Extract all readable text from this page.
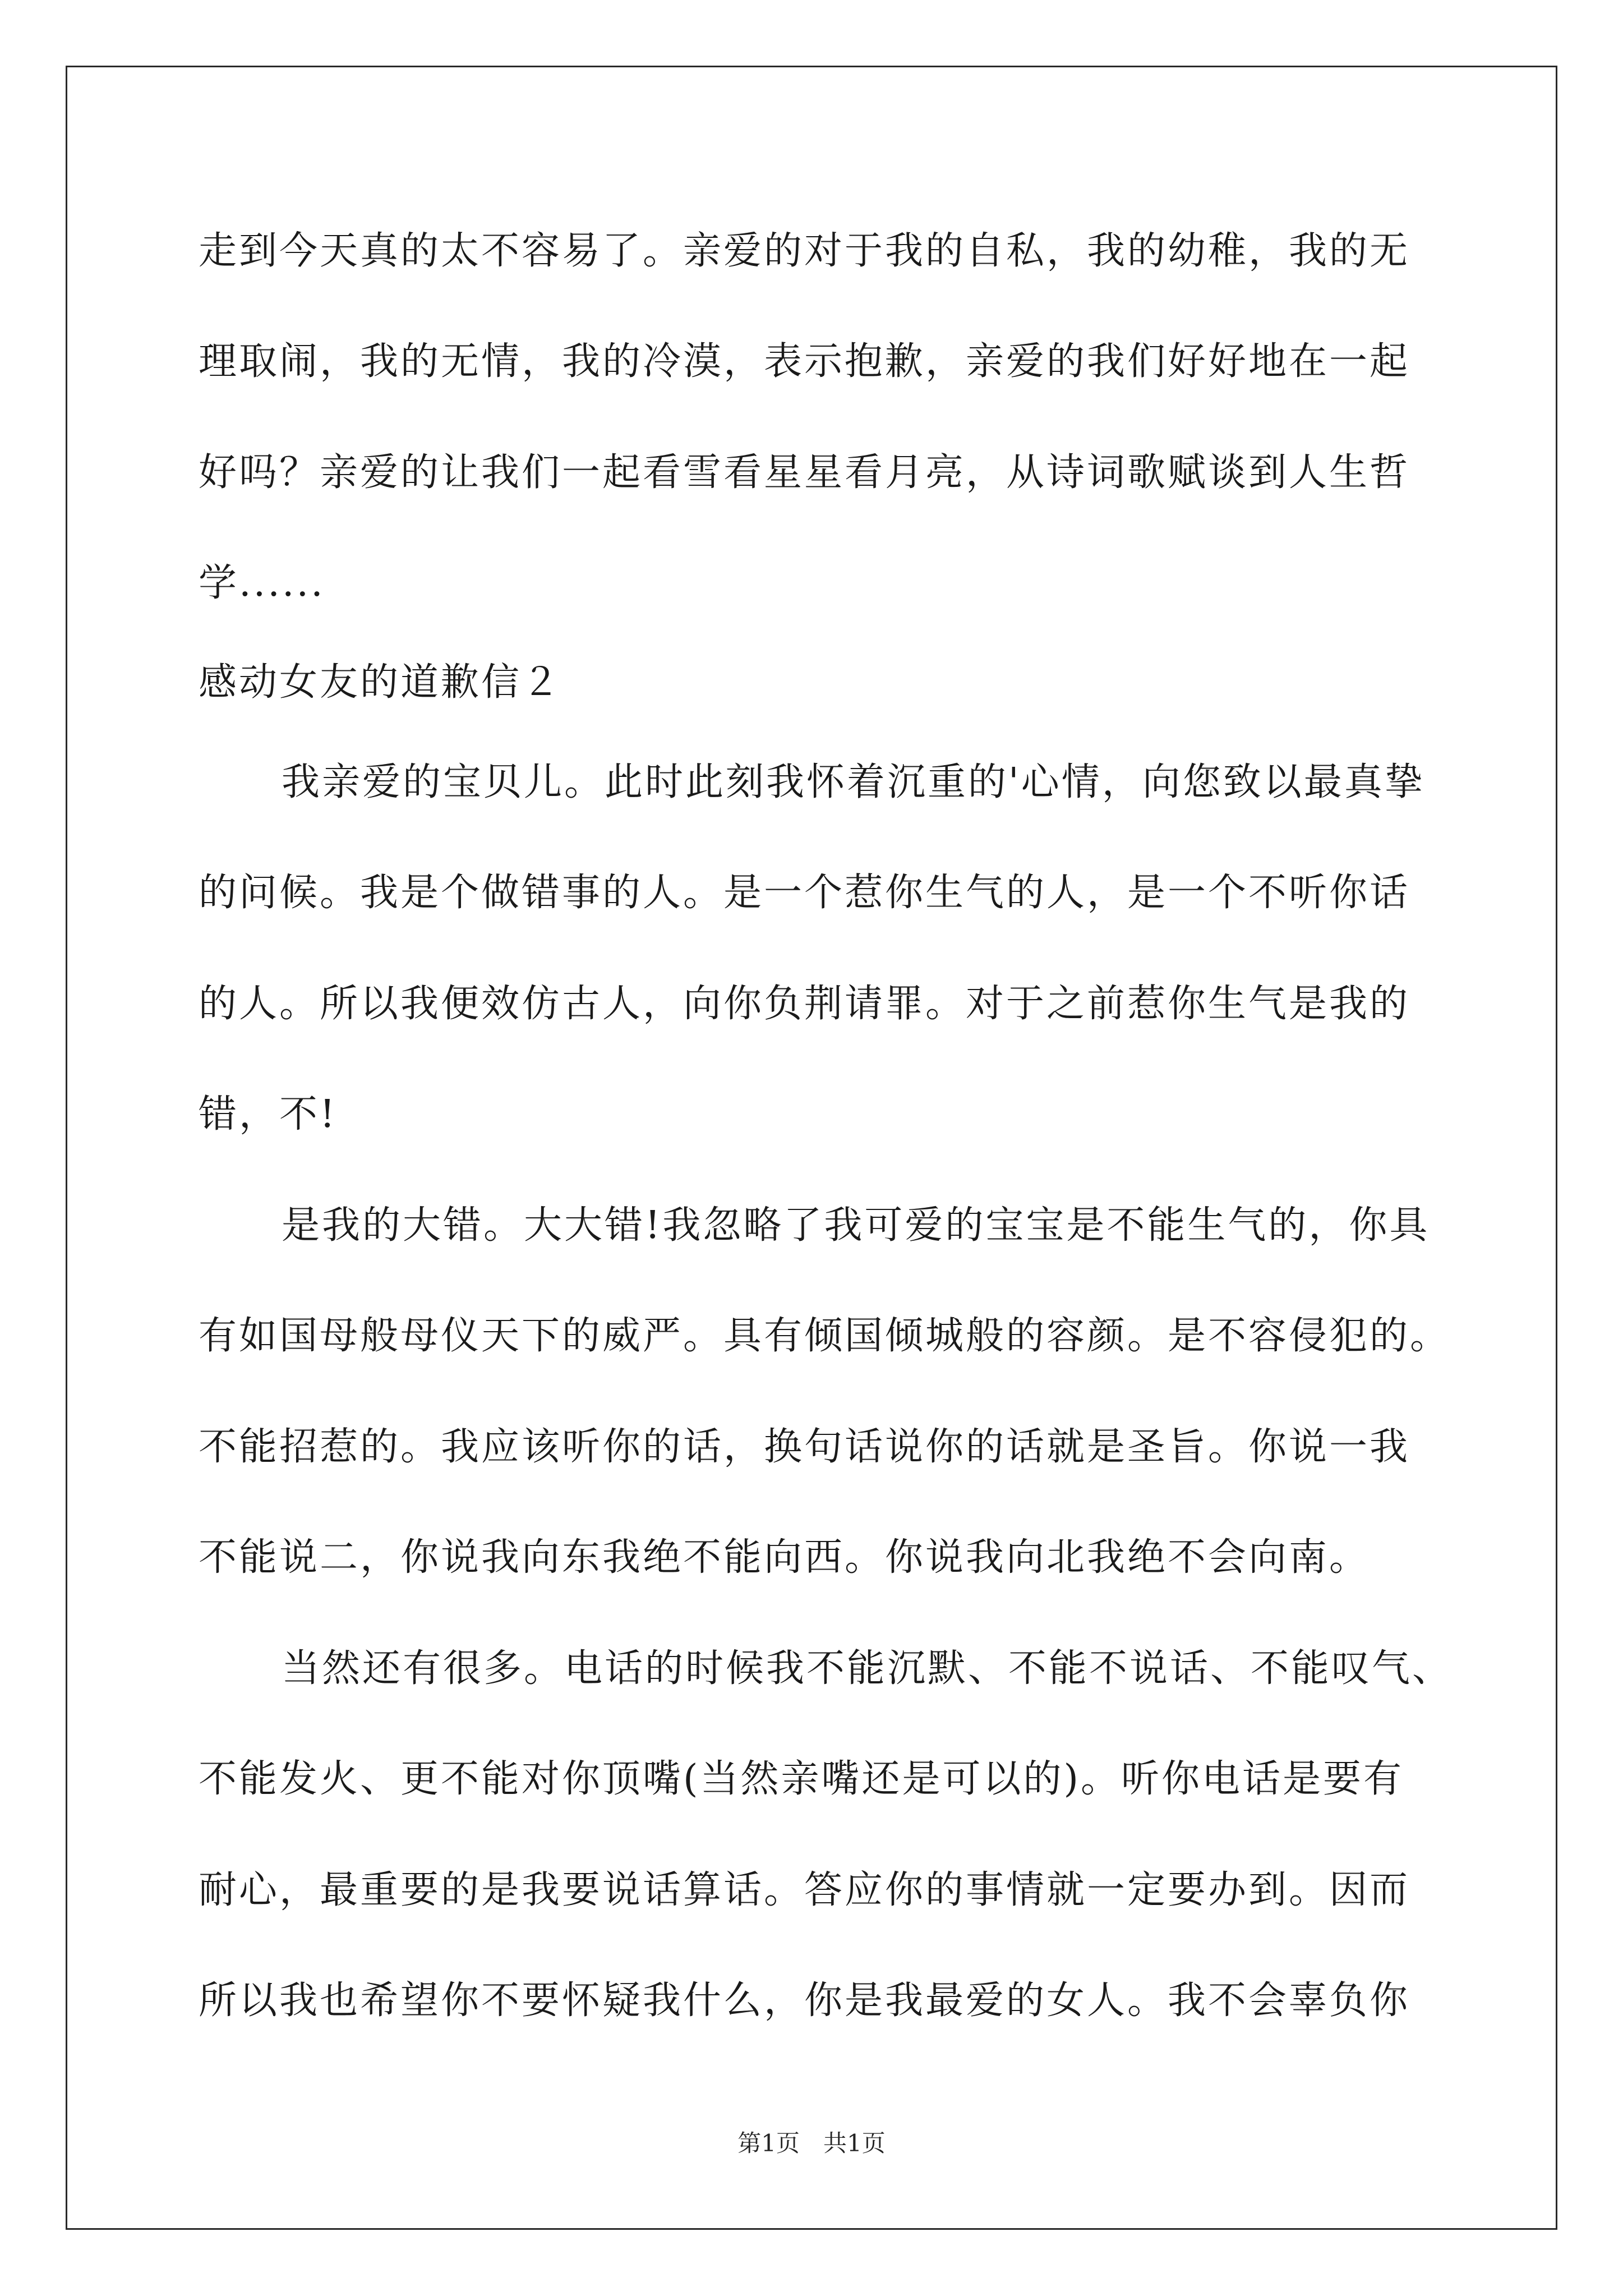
走到今天真的太不容易了。亲爱的对于我的自私，我的幼稚，我的无
理取闹，我的无情，我的冷漠，表示抱歉，亲爱的我们好好地在一起
好吗？亲爱的让我们一起看雪看星星看月亮，从诗词歌赋谈到人生哲
学......
感动女友的道歉信２
我亲爱的宝贝儿。此时此刻我怀着沉重的'心情，向您致以最真挚
的问候。我是个做错事的人。是一个惹你生气的人，是一个不听你话
的人。所以我便效仿古人，向你负荆请罪。对于之前惹你生气是我的
错，不!
是我的大错。大大错!我忽略了我可爱的宝宝是不能生气的，你具
有如国母般母仪天下的威严。具有倾国倾城般的容颜。是不容侵犯的。
不能招惹的。我应该听你的话，换句话说你的话就是圣旨。你说一我
不能说二，你说我向东我绝不能向西。你说我向北我绝不会向南。
当然还有很多。电话的时候我不能沉默、不能不说话、不能叹气、
不能发火、更不能对你顶嘴(当然亲嘴还是可以的)。听你电话是要有
耐心，最重要的是我要说话算话。答应你的事情就一定要办到。因而
所以我也希望你不要怀疑我什么，你是我最爱的女人。我不会辜负你
第1页　共1页
